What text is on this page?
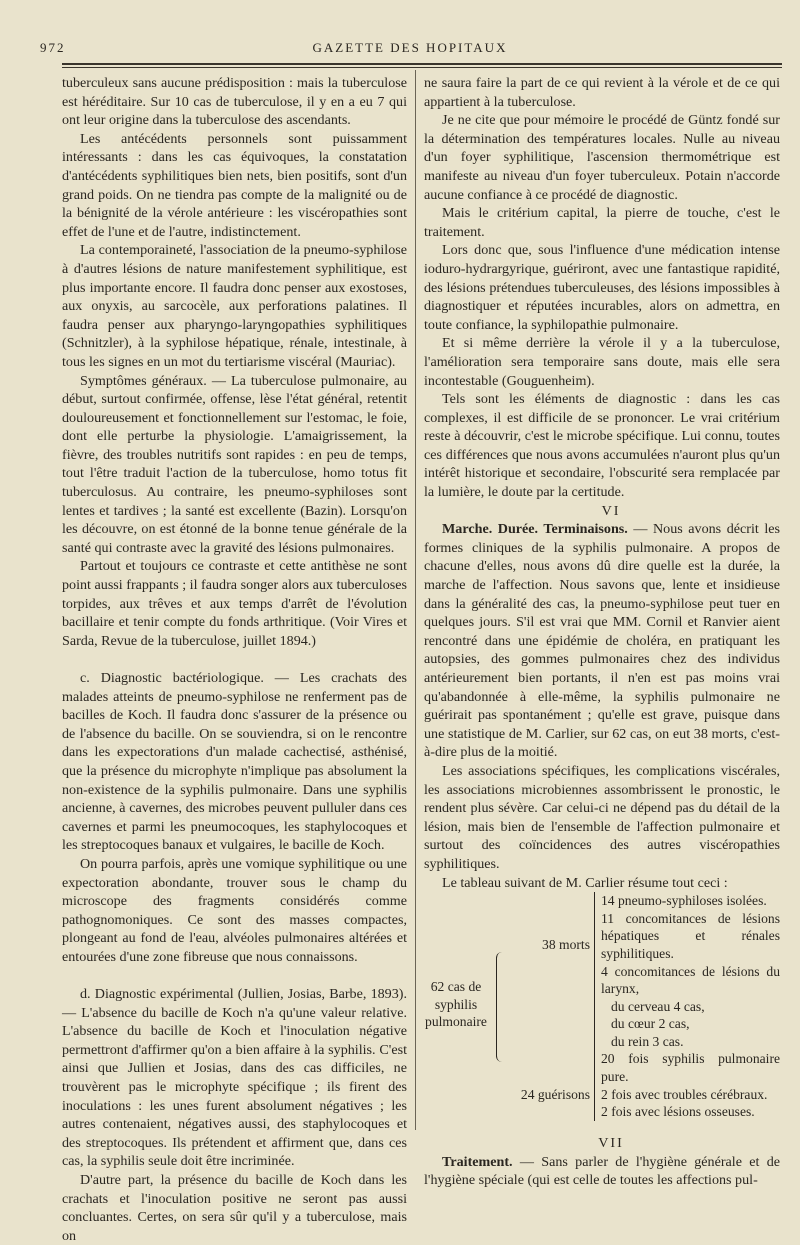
972	GAZETTE DES HOPITAUX

tuberculeux sans aucune prédisposition : mais la tuberculose est héréditaire. Sur 10 cas de tuberculose, il y en a eu 7 qui ont leur origine dans la tuberculose des ascendants.

Les antécédents personnels sont puissamment intéressants : dans les cas équivoques, la constatation d'antécédents syphilitiques bien nets, bien positifs, sont d'un grand poids. On ne tiendra pas compte de la malignité ou de la bénignité de la vérole antérieure : les viscéropathies sont effet de l'une et de l'autre, indistinctement.

La contemporaineté, l'association de la pneumo-syphilose à d'autres lésions de nature manifestement syphilitique, est plus importante encore. Il faudra donc penser aux exostoses, aux onyxis, au sarcocèle, aux perforations palatines. Il faudra penser aux pharyngo-laryngopathies syphilitiques (Schnitzler), à la syphilose hépatique, rénale, intestinale, à tous les signes en un mot du tertiarisme viscéral (Mauriac).

Symptômes généraux. — La tuberculose pulmonaire, au début, surtout confirmée, offense, lèse l'état général, retentit douloureusement et fonctionnellement sur l'estomac, le foie, dont elle perturbe la physiologie. L'amaigrissement, la fièvre, des troubles nutritifs sont rapides : en peu de temps, tout l'être traduit l'action de la tuberculose, homo totus fit tuberculosus. Au contraire, les pneumo-syphiloses sont lentes et tardives ; la santé est excellente (Bazin). Lorsqu'on les découvre, on est étonné de la bonne tenue générale de la santé qui contraste avec la gravité des lésions pulmonaires.

Partout et toujours ce contraste et cette antithèse ne sont point aussi frappants ; il faudra songer alors aux tuberculoses torpides, aux trêves et aux temps d'arrêt de l'évolution bacillaire et tenir compte du fonds arthritique. (Voir Vires et Sarda, Revue de la tuberculose, juillet 1894.)

c. Diagnostic bactériologique. — Les crachats des malades atteints de pneumo-syphilose ne renferment pas de bacilles de Koch. Il faudra donc s'assurer de la présence ou de l'absence du bacille. On se souviendra, si on le rencontre dans les expectorations d'un malade cachectisé, asthénisé, que la présence du microphyte n'implique pas absolument la non-existence de la syphilis pulmonaire. Dans une syphilis ancienne, à cavernes, des microbes peuvent pulluler dans ces cavernes et parmi les pneumocoques, les staphylocoques et les streptocoques banaux et vulgaires, le bacille de Koch.

On pourra parfois, après une vomique syphilitique ou une expectoration abondante, trouver sous le champ du microscope des fragments considérés comme pathognomoniques. Ce sont des masses compactes, plongeant au fond de l'eau, alvéoles pulmonaires altérées et entourées d'une zone fibreuse que nous connaissons.

d. Diagnostic expérimental (Jullien, Josias, Barbe, 1893). — L'absence du bacille de Koch n'a qu'une valeur relative. L'absence du bacille de Koch et l'inoculation négative permettront d'affirmer qu'on a bien affaire à la syphilis. C'est ainsi que Jullien et Josias, dans des cas difficiles, ne trouvèrent pas le microphyte spécifique ; ils firent des inoculations : les unes furent absolument négatives ; les autres contenaient, négatives aussi, des staphylocoques et des streptocoques. Ils prétendent et affirment que, dans ces cas, la syphilis seule doit être incriminée.

D'autre part, la présence du bacille de Koch dans les crachats et l'inoculation positive ne seront pas aussi concluantes. Certes, on sera sûr qu'il y a tuberculose, mais on

ne saura faire la part de ce qui revient à la vérole et de ce qui appartient à la tuberculose.

Je ne cite que pour mémoire le procédé de Güntz fondé sur la détermination des températures locales. Nulle au niveau d'un foyer syphilitique, l'ascension thermométrique est manifeste au niveau d'un foyer tuberculeux. Potain n'accorde aucune confiance à ce procédé de diagnostic.

Mais le critérium capital, la pierre de touche, c'est le traitement.

Lors donc que, sous l'influence d'une médication intense ioduro-hydrargyrique, guériront, avec une fantastique rapidité, des lésions prétendues tuberculeuses, des lésions impossibles à diagnostiquer et réputées incurables, alors on admettra, en toute confiance, la syphilopathie pulmonaire.

Et si même derrière la vérole il y a la tuberculose, l'amélioration sera temporaire sans doute, mais elle sera incontestable (Gouguenheim).

Tels sont les éléments de diagnostic : dans les cas complexes, il est difficile de se prononcer. Le vrai critérium reste à découvrir, c'est le microbe spécifique. Lui connu, toutes ces différences que nous avons accumulées n'auront plus qu'un intérêt historique et secondaire, l'obscurité sera remplacée par la lumière, le doute par la certitude.

VI

Marche. Durée. Terminaisons. — Nous avons décrit les formes cliniques de la syphilis pulmonaire. A propos de chacune d'elles, nous avons dû dire quelle est la durée, la marche de l'affection. Nous savons que, lente et insidieuse dans la généralité des cas, la pneumo-syphilose peut tuer en quelques jours. S'il est vrai que MM. Cornil et Ranvier aient rencontré dans une épidémie de choléra, en pratiquant les autopsies, des gommes pulmonaires chez des individus antérieurement bien portants, il n'en est pas moins vrai qu'abandonnée à elle-même, la syphilis pulmonaire ne guérirait pas spontanément ; qu'elle est grave, puisque dans une statistique de M. Carlier, sur 62 cas, on eut 38 morts, c'est-à-dire plus de la moitié.

Les associations spécifiques, les complications viscérales, les associations microbiennes assombrissent le pronostic, le rendent plus sévère. Car celui-ci ne dépend pas du détail de la lésion, mais bien de l'ensemble de l'affection pulmonaire et surtout des coïncidences des autres viscéropathies syphilitiques.

Le tableau suivant de M. Carlier résume tout ceci :

62 cas de syphilis pulmonaire
38 morts
24 guérisons
14 pneumo-syphiloses isolées.
11 concomitances de lésions hépatiques et rénales syphilitiques.
4 concomitances de lésions du larynx,
du cerveau 4 cas,
du cœur 2 cas,
du rein 3 cas.
20 fois syphilis pulmonaire pure.
2 fois avec troubles cérébraux.
2 fois avec lésions osseuses.

VII

Traitement. — Sans parler de l'hygiène générale et de l'hygiène spéciale (qui est celle de toutes les affections pul-
